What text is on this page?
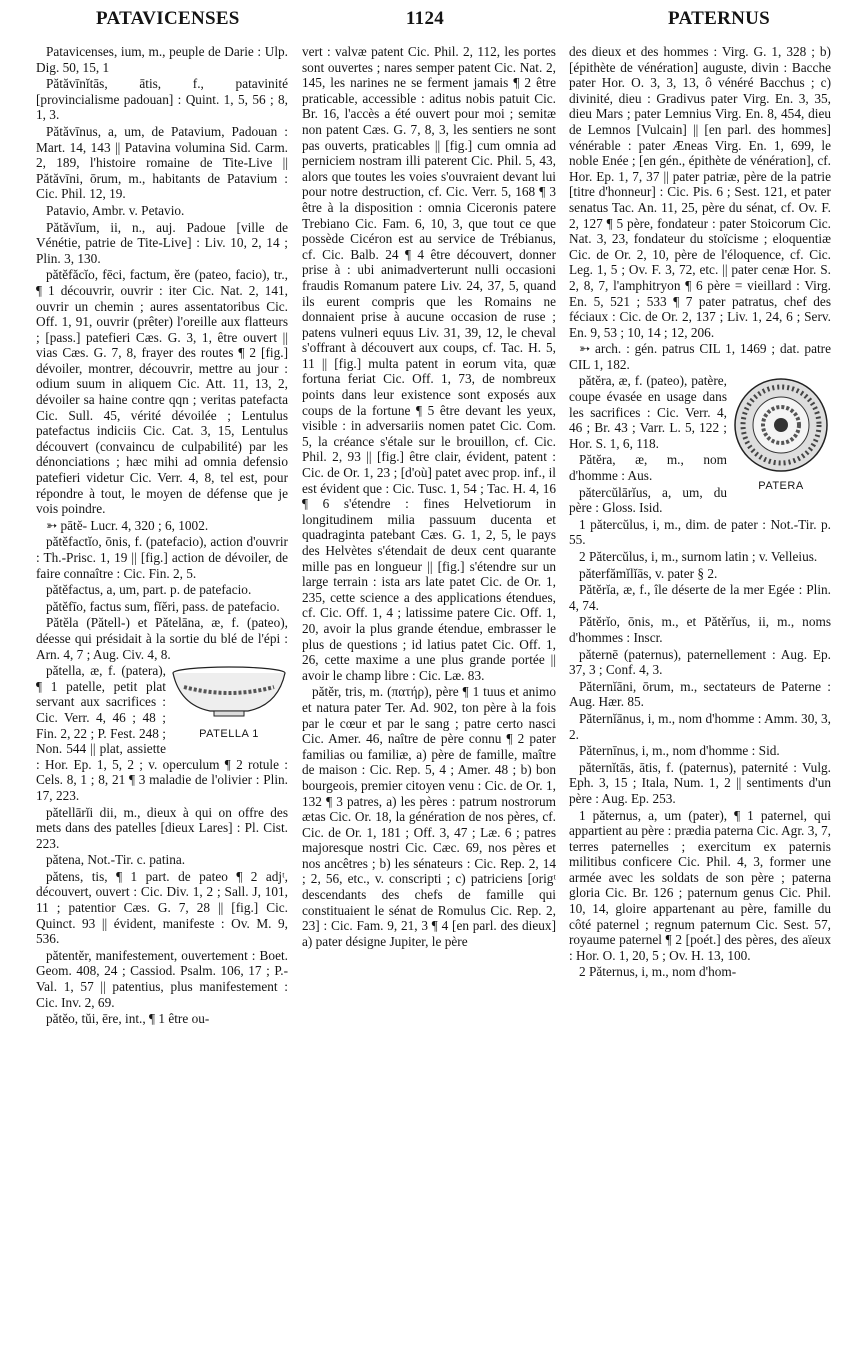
PATAVICENSES	1124	PATERNUS

Patavicenses, ium, m., peuple de Darie : Ulp. Dig. 50, 15, 1

Pătăvīnĭtās, ātis, f., patavinité [provincialisme padouan] : Quint. 1, 5, 56 ; 8, 1, 3.

Pătăvīnus, a, um, de Patavium, Padouan : Mart. 14, 143 || Patavina volumina Sid. Carm. 2, 189, l'histoire romaine de Tite-Live || Pătăvīni, ōrum, m., habitants de Patavium : Cic. Phil. 12, 19.

Patavio, Ambr. v. Petavio.

Pătăvĭum, ii, n., auj. Padoue [ville de Vénétie, patrie de Tite-Live] : Liv. 10, 2, 14 ; Plin. 3, 130.

pătĕfăcĭo, fēci, factum, ĕre (pateo, facio), tr., ¶ 1 découvrir, ouvrir : iter Cic. Nat. 2, 141, ouvrir un chemin ; aures assentatoribus Cic. Off. 1, 91, ouvrir (prêter) l'oreille aux flatteurs ; [pass.] patefieri Cæs. G. 3, 1, être ouvert || vias Cæs. G. 7, 8, frayer des routes ¶ 2 [fig.] dévoiler, montrer, découvrir, mettre au jour : odium suum in aliquem Cic. Att. 11, 13, 2, dévoiler sa haine contre qqn ; veritas patefacta Cic. Sull. 45, vérité dévoilée ; Lentulus patefactus indiciis Cic. Cat. 3, 15, Lentulus découvert (convaincu de culpabilité) par les dénonciations ; hæc mihi ad omnia defensio patefieri videtur Cic. Verr. 4, 8, tel est, pour répondre à tout, le moyen de défense que je vois poindre.

➳ pātĕ- Lucr. 4, 320 ; 6, 1002.

pătĕfactĭo, ōnis, f. (patefacio), action d'ouvrir : Th.-Prisc. 1, 19 || [fig.] action de dévoiler, de faire connaître : Cic. Fin. 2, 5.

pătĕfactus, a, um, part. p. de patefacio.

pătĕfīo, factus sum, fĭĕri, pass. de patefacio.

Pătĕla (Pătell-) et Pătelāna, æ, f. (pateo), déesse qui présidait à la sortie du blé de l'épi : Arn. 4, 7 ; Aug. Civ. 4, 8.

PATELLA 1

pătella, æ, f. (patera), ¶ 1 patelle, petit plat servant aux sacrifices : Cic. Verr. 4, 46 ; 48 ; Fin. 2, 22 ; P. Fest. 248 ; Non. 544 || plat, assiette : Hor. Ep. 1, 5, 2 ; v. operculum ¶ 2 rotule : Cels. 8, 1 ; 8, 21 ¶ 3 maladie de l'olivier : Plin. 17, 223.

pătellārĭi dii, m., dieux à qui on offre des mets dans des patelles [dieux Lares] : Pl. Cist. 223.

pătena, Not.-Tir. c. patina.

pătens, tis, ¶ 1 part. de pateo ¶ 2 adjᵗ, découvert, ouvert : Cic. Div. 1, 2 ; Sall. J, 101, 11 ; patentior Cæs. G. 7, 28 || [fig.] Cic. Quinct. 93 || évident, manifeste : Ov. M. 9, 536.

pătentĕr, manifestement, ouvertement : Boet. Geom. 408, 24 ; Cassiod. Psalm. 106, 17 ; P.-Val. 1, 57 || patentius, plus manifestement : Cic. Inv. 2, 69.

pătĕo, tŭi, ēre, int., ¶ 1 être ou-

vert : valvæ patent Cic. Phil. 2, 112, les portes sont ouvertes ; nares semper patent Cic. Nat. 2, 145, les narines ne se ferment jamais ¶ 2 être praticable, accessible : aditus nobis patuit Cic. Br. 16, l'accès a été ouvert pour moi ; semitæ non patent Cæs. G. 7, 8, 3, les sentiers ne sont pas ouverts, praticables || [fig.] cum omnia ad perniciem nostram illi paterent Cic. Phil. 5, 43, alors que toutes les voies s'ouvraient devant lui pour notre destruction, cf. Cic. Verr. 5, 168 ¶ 3 être à la disposition : omnia Ciceronis patere Trebiano Cic. Fam. 6, 10, 3, que tout ce que possède Cicéron est au service de Trébianus, cf. Cic. Balb. 24 ¶ 4 être découvert, donner prise à : ubi animadverterunt nulli occasioni fraudis Romanum patere Liv. 24, 37, 5, quand ils eurent compris que les Romains ne donnaient prise à aucune occasion de ruse ; patens vulneri equus Liv. 31, 39, 12, le cheval s'offrant à découvert aux coups, cf. Tac. H. 5, 11 || [fig.] multa patent in eorum vita, quæ fortuna feriat Cic. Off. 1, 73, de nombreux points dans leur existence sont exposés aux coups de la fortune ¶ 5 être devant les yeux, visible : in adversariis nomen patet Cic. Com. 5, la créance s'étale sur le brouillon, cf. Cic. Phil. 2, 93 || [fig.] être clair, évident, patent : Cic. de Or. 1, 23 ; [d'où] patet avec prop. inf., il est évident que : Cic. Tusc. 1, 54 ; Tac. H. 4, 16 ¶ 6 s'étendre : fines Helvetiorum in longitudinem milia passuum ducenta et quadraginta patebant Cæs. G. 1, 2, 5, le pays des Helvètes s'étendait de deux cent quarante mille pas en longueur || [fig.] s'étendre sur un large terrain : ista ars late patet Cic. de Or. 1, 235, cette science a des applications étendues, cf. Cic. Off. 1, 4 ; latissime patere Cic. Off. 1, 20, avoir la plus grande étendue, embrasser le plus de questions ; id latius patet Cic. Off. 1, 26, cette maxime a une plus grande portée || avoir le champ libre : Cic. Læ. 83.

pătĕr, tris, m. (πατήρ), père ¶ 1 tuus et animo et natura pater Ter. Ad. 902, ton père à la fois par le cœur et par le sang ; patre certo nasci Cic. Amer. 46, naître de père connu ¶ 2 pater familias ou familiæ, a) père de famille, maître de maison : Cic. Rep. 5, 4 ; Amer. 48 ; b) bon bourgeois, premier citoyen venu : Cic. de Or. 1, 132 ¶ 3 patres, a) les pères : patrum nostrorum ætas Cic. Or. 18, la génération de nos pères, cf. Cic. de Or. 1, 181 ; Off. 3, 47 ; Læ. 6 ; patres majoresque nostri Cic. Cæc. 69, nos pères et nos ancêtres ; b) les sénateurs : Cic. Rep. 2, 14 ; 2, 56, etc., v. conscripti ; c) patriciens [origᵗ descendants des chefs de famille qui constituaient le sénat de Romulus Cic. Rep. 2, 23] : Cic. Fam. 9, 21, 3 ¶ 4 [en parl. des dieux] a) pater désigne Jupiter, le père

des dieux et des hommes : Virg. G. 1, 328 ; b) [épithète de vénération] auguste, divin : Bacche pater Hor. O. 3, 3, 13, ô vénéré Bacchus ; c) divinité, dieu : Gradivus pater Virg. En. 3, 35, dieu Mars ; pater Lemnius Virg. En. 8, 454, dieu de Lemnos [Vulcain] || [en parl. des hommes] vénérable : pater Æneas Virg. En. 1, 699, le noble Enée ; [en gén., épithète de vénération], cf. Hor. Ep. 1, 7, 37 || pater patriæ, père de la patrie [titre d'honneur] : Cic. Pis. 6 ; Sest. 121, et pater senatus Tac. An. 11, 25, père du sénat, cf. Ov. F. 2, 127 ¶ 5 père, fondateur : pater Stoicorum Cic. Nat. 3, 23, fondateur du stoïcisme ; eloquentiæ Cic. de Or. 2, 10, père de l'éloquence, cf. Cic. Leg. 1, 5 ; Ov. F. 3, 72, etc. || pater cenæ Hor. S. 2, 8, 7, l'amphitryon ¶ 6 père = vieillard : Virg. En. 5, 521 ; 533 ¶ 7 pater patratus, chef des féciaux : Cic. de Or. 2, 137 ; Liv. 1, 24, 6 ; Serv. En. 9, 53 ; 10, 14 ; 12, 206.

➳ arch. : gén. patrus CIL 1, 1469 ; dat. patre CIL 1, 182.

PATERA

pătĕra, æ, f. (pateo), patère, coupe évasée en usage dans les sacrifices : Cic. Verr. 4, 46 ; Br. 43 ; Varr. L. 5, 122 ; Hor. S. 1, 6, 118.

Pătĕra, æ, m., nom d'homme : Aus.

pătercŭlārĭus, a, um, du père : Gloss. Isid.

1 pătercŭlus, i, m., dim. de pater : Not.-Tir. p. 55.

2 Pătercŭlus, i, m., surnom latin ; v. Velleius.

păterfămĭlĭās, v. pater § 2.

Pătĕrĭa, æ, f., île déserte de la mer Egée : Plin. 4, 74.

Pătĕrĭo, ōnis, m., et Pătĕrĭus, ii, m., noms d'hommes : Inscr.

păternē (paternus), paternellement : Aug. Ep. 37, 3 ; Conf. 4, 3.

Păternĭāni, ōrum, m., sectateurs de Paterne : Aug. Hær. 85.

Păternĭānus, i, m., nom d'homme : Amm. 30, 3, 2.

Păternīnus, i, m., nom d'homme : Sid.

păternĭtās, ātis, f. (paternus), paternité : Vulg. Eph. 3, 15 ; Itala, Num. 1, 2 || sentiments d'un père : Aug. Ep. 253.

1 păternus, a, um (pater), ¶ 1 paternel, qui appartient au père : prædia paterna Cic. Agr. 3, 7, terres paternelles ; exercitum ex paternis militibus conficere Cic. Phil. 4, 3, former une armée avec les soldats de son père ; paterna gloria Cic. Br. 126 ; paternum genus Cic. Phil. 10, 14, gloire appartenant au père, famille du côté paternel ; regnum paternum Cic. Sest. 57, royaume paternel ¶ 2 [poét.] des pères, des aïeux : Hor. O. 1, 20, 5 ; Ov. H. 13, 100.

2 Păternus, i, m., nom d'hom-
